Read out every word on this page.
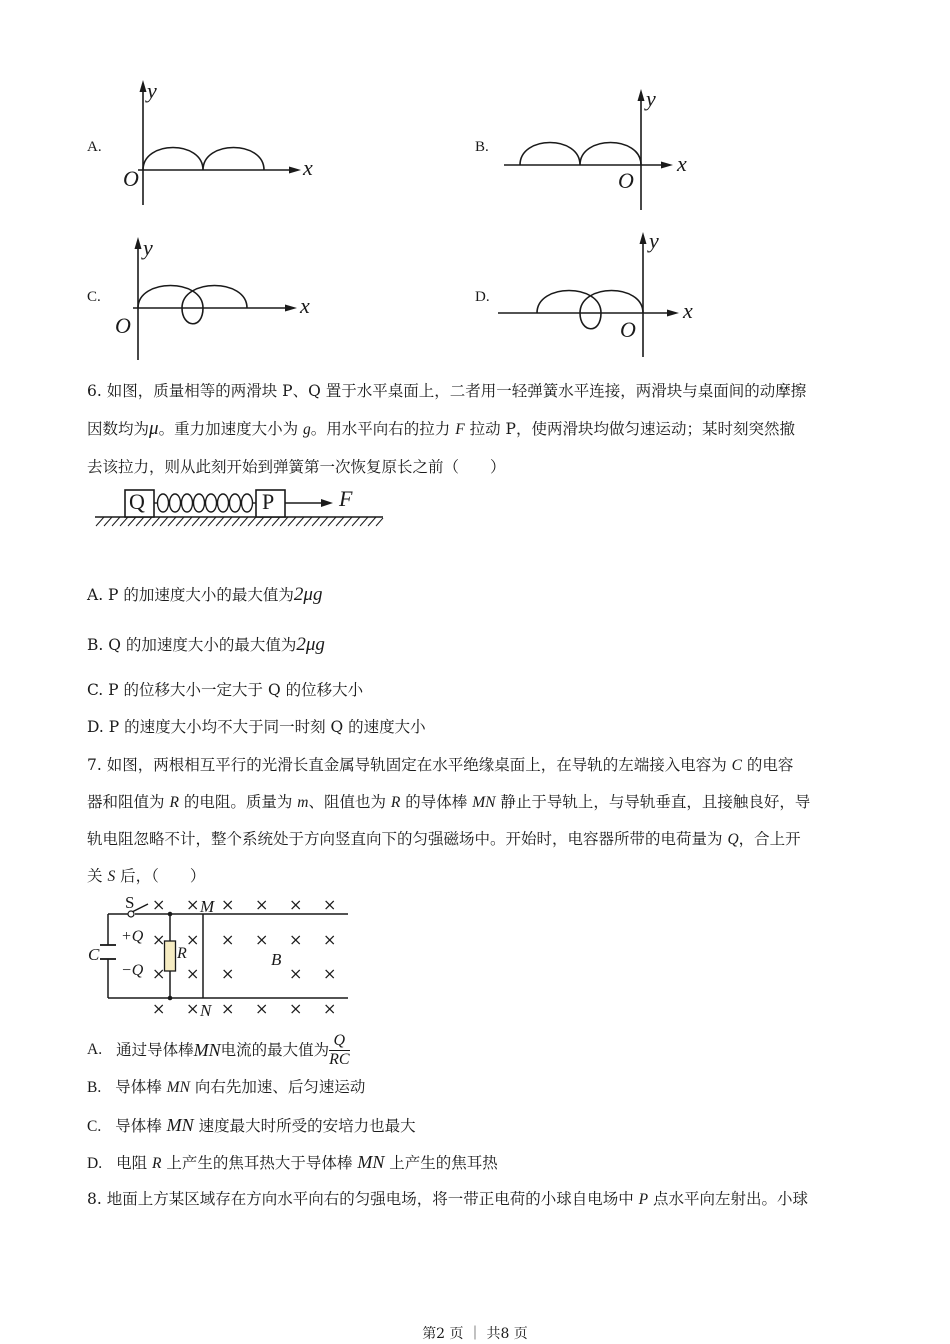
A.
y
x
O
B.
y
x
O
C.
y
x
O
D.
y
x
O
6. 如图，质量相等的两滑块 P、Q 置于水平桌面上，二者用一轻弹簧水平连接，两滑块与桌面间的动摩擦
因数均为μ。重力加速度大小为 g。用水平向右的拉力 F 拉动 P，使两滑块均做匀速运动；某时刻突然撤
去该拉力，则从此刻开始到弹簧第一次恢复原长之前（　　）
Q	P	F
A. P 的加速度大小的最大值为2μg
B. Q 的加速度大小的最大值为2μg
C. P 的位移大小一定大于 Q 的位移大小
D. P 的速度大小均不大于同一时刻 Q 的速度大小
7. 如图，两根相互平行的光滑长直金属导轨固定在水平绝缘桌面上，在导轨的左端接入电容为 C 的电容
器和阻值为 R 的电阻。质量为 m、阻值也为 R 的导体棒 MN 静止于导轨上，与导轨垂直，且接触良好，导
轨电阻忽略不计，整个系统处于方向竖直向下的匀强磁场中。开始时，电容器所带的电荷量为 Q，合上开
关 S 后，（　　）
S
+Q
−Q
C	R
M
N
B
× × × × × ×
× × × × × ×
× × ×	× ×
× × × × × ×
A. 通过导体棒 MN 电流的最大值为 $\frac{Q}{RC}$
B. 导体棒 MN 向右先加速、后匀速运动
C. 导体棒 MN 速度最大时所受的安培力也最大
D. 电阻 R 上产生的焦耳热大于导体棒 MN 上产生的焦耳热
8. 地面上方某区域存在方向水平向右的匀强电场，将一带正电荷的小球自电场中 P 点水平向左射出。小球
第2 页 ｜ 共8 页
